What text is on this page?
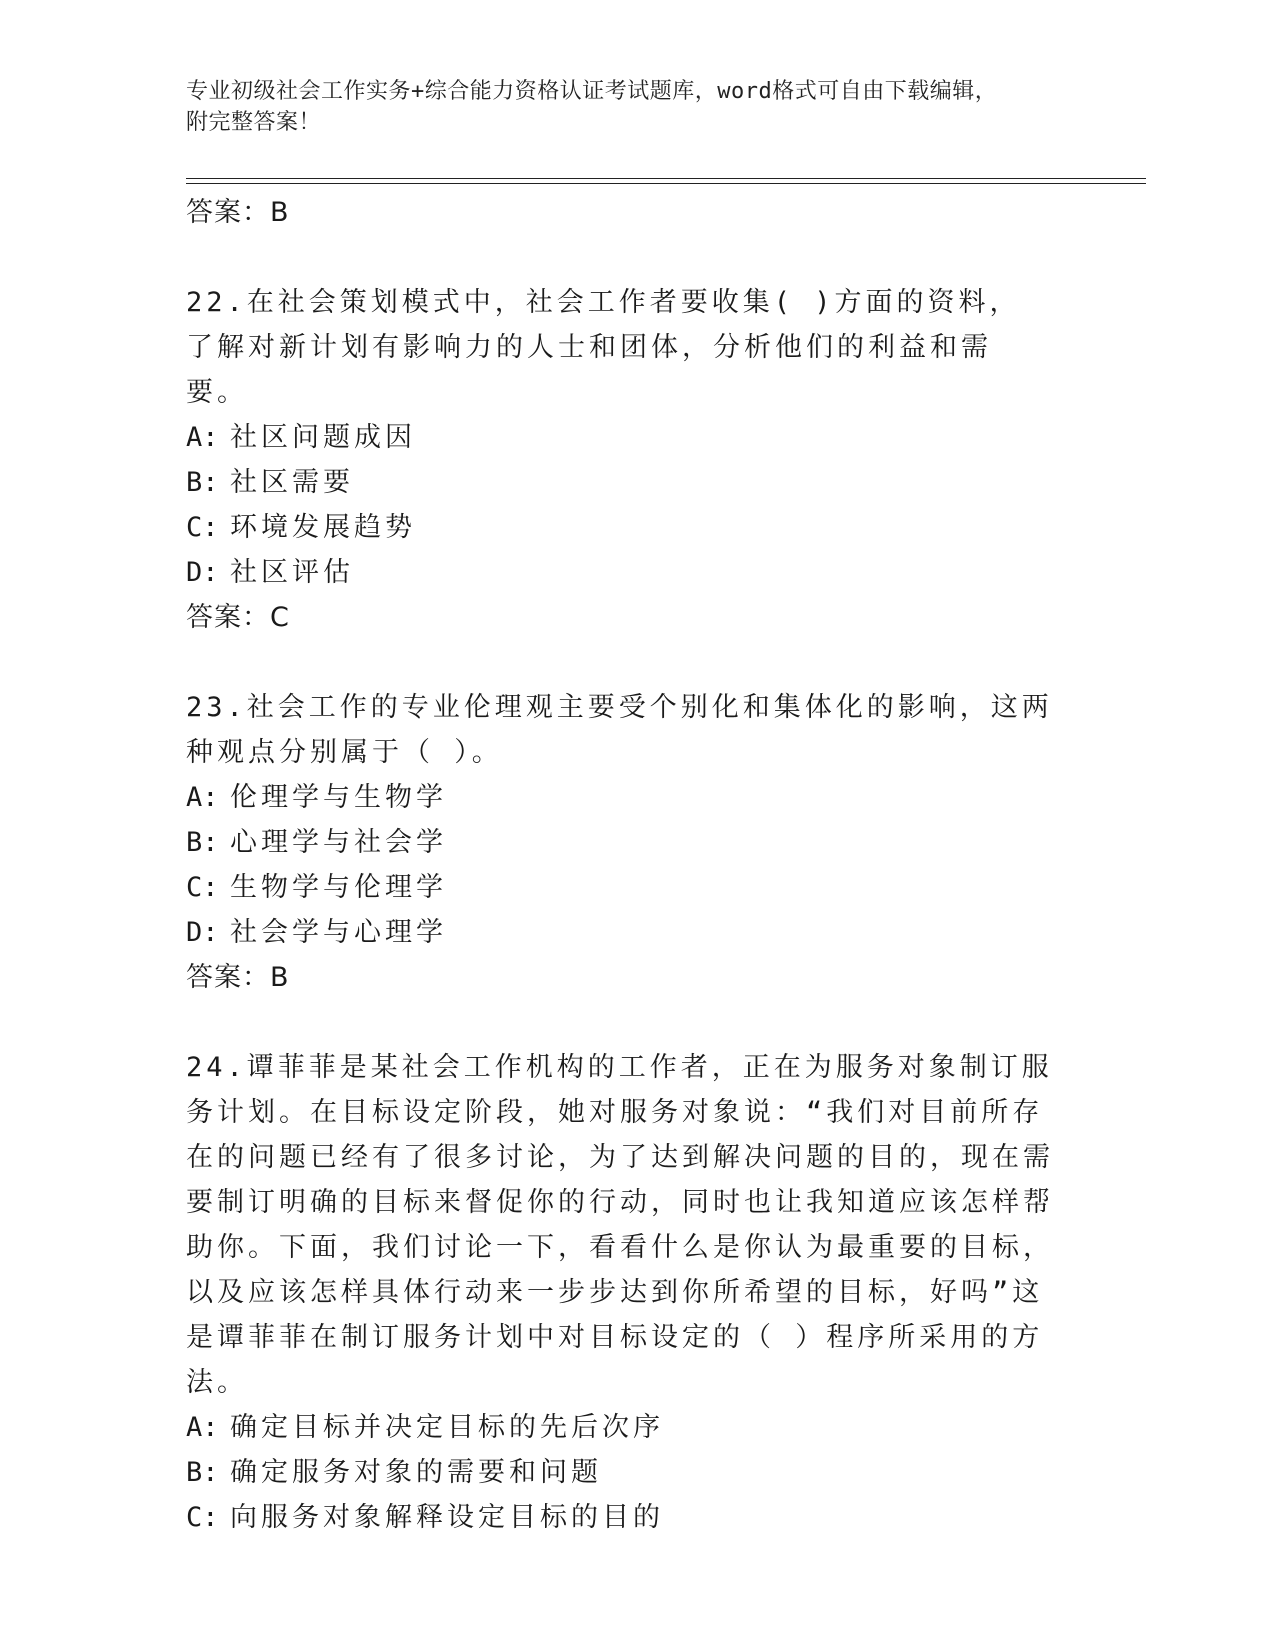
专业初级社会工作实务+综合能力资格认证考试题库，word格式可自由下载编辑，
附完整答案！
答案：B
22.在社会策划模式中，社会工作者要收集( )方面的资料，了解对新计划有影响力的人士和团体，分析他们的利益和需要。
A: 社区问题成因
B: 社区需要
C: 环境发展趋势
D: 社区评估
答案：C
23.社会工作的专业伦理观主要受个别化和集体化的影响，这两种观点分别属于（ ）。
A: 伦理学与生物学
B: 心理学与社会学
C: 生物学与伦理学
D: 社会学与心理学
答案：B
24.谭菲菲是某社会工作机构的工作者，正在为服务对象制订服务计划。在目标设定阶段，她对服务对象说：“我们对目前所存在的问题已经有了很多讨论，为了达到解决问题的目的，现在需要制订明确的目标来督促你的行动，同时也让我知道应该怎样帮助你。下面，我们讨论一下，看看什么是你认为最重要的目标，以及应该怎样具体行动来一步步达到你所希望的目标，好吗”这是谭菲菲在制订服务计划中对目标设定的（ ）程序所采用的方法。
A: 确定目标并决定目标的先后次序
B: 确定服务对象的需要和问题
C: 向服务对象解释设定目标的目的
